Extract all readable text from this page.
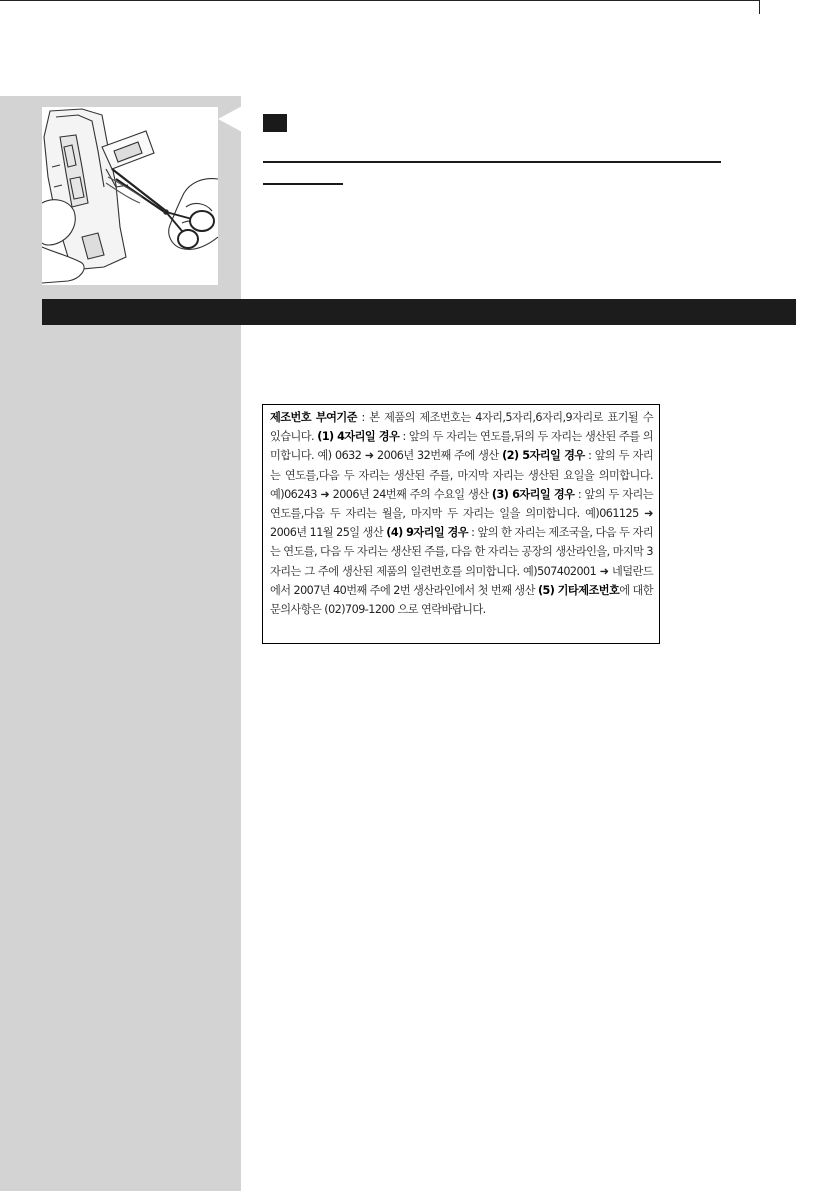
제조번호 부여기준 : 본 제품의 제조번호는 4자리,5자리,6자리,9자리로 표기될 수 있습니다. (1) 4자리일 경우 : 앞의 두 자리는 연도를,뒤의 두 자리는 생산된 주를 의미합니다. 예) 0632 ➜ 2006년 32번째 주에 생산 (2) 5자리일 경우 : 앞의 두 자리는 연도를,다음 두 자리는 생산된 주를, 마지막 자리는 생산된 요일을 의미합니다.예)06243 ➜ 2006년 24번째 주의 수요일 생산 (3) 6자리일 경우 : 앞의 두 자리는 연도를,다음 두 자리는 월을, 마지막 두 자리는 일을 의미합니다. 예)061125 ➜ 2006년 11월 25일 생산 (4) 9자리일 경우 : 앞의 한 자리는 제조국을, 다음 두 자리는 연도를, 다음 두 자리는 생산된 주를, 다음 한 자리는 공장의 생산라인을, 마지막 3자리는 그 주에 생산된 제품의 일련번호를 의미합니다. 예)507402001 ➜ 네덜란드에서 2007년 40번째 주에 2번 생산라인에서 첫 번째 생산 (5) 기타제조번호에 대한 문의사항은 (02)709-1200 으로 연락바랍니다.
